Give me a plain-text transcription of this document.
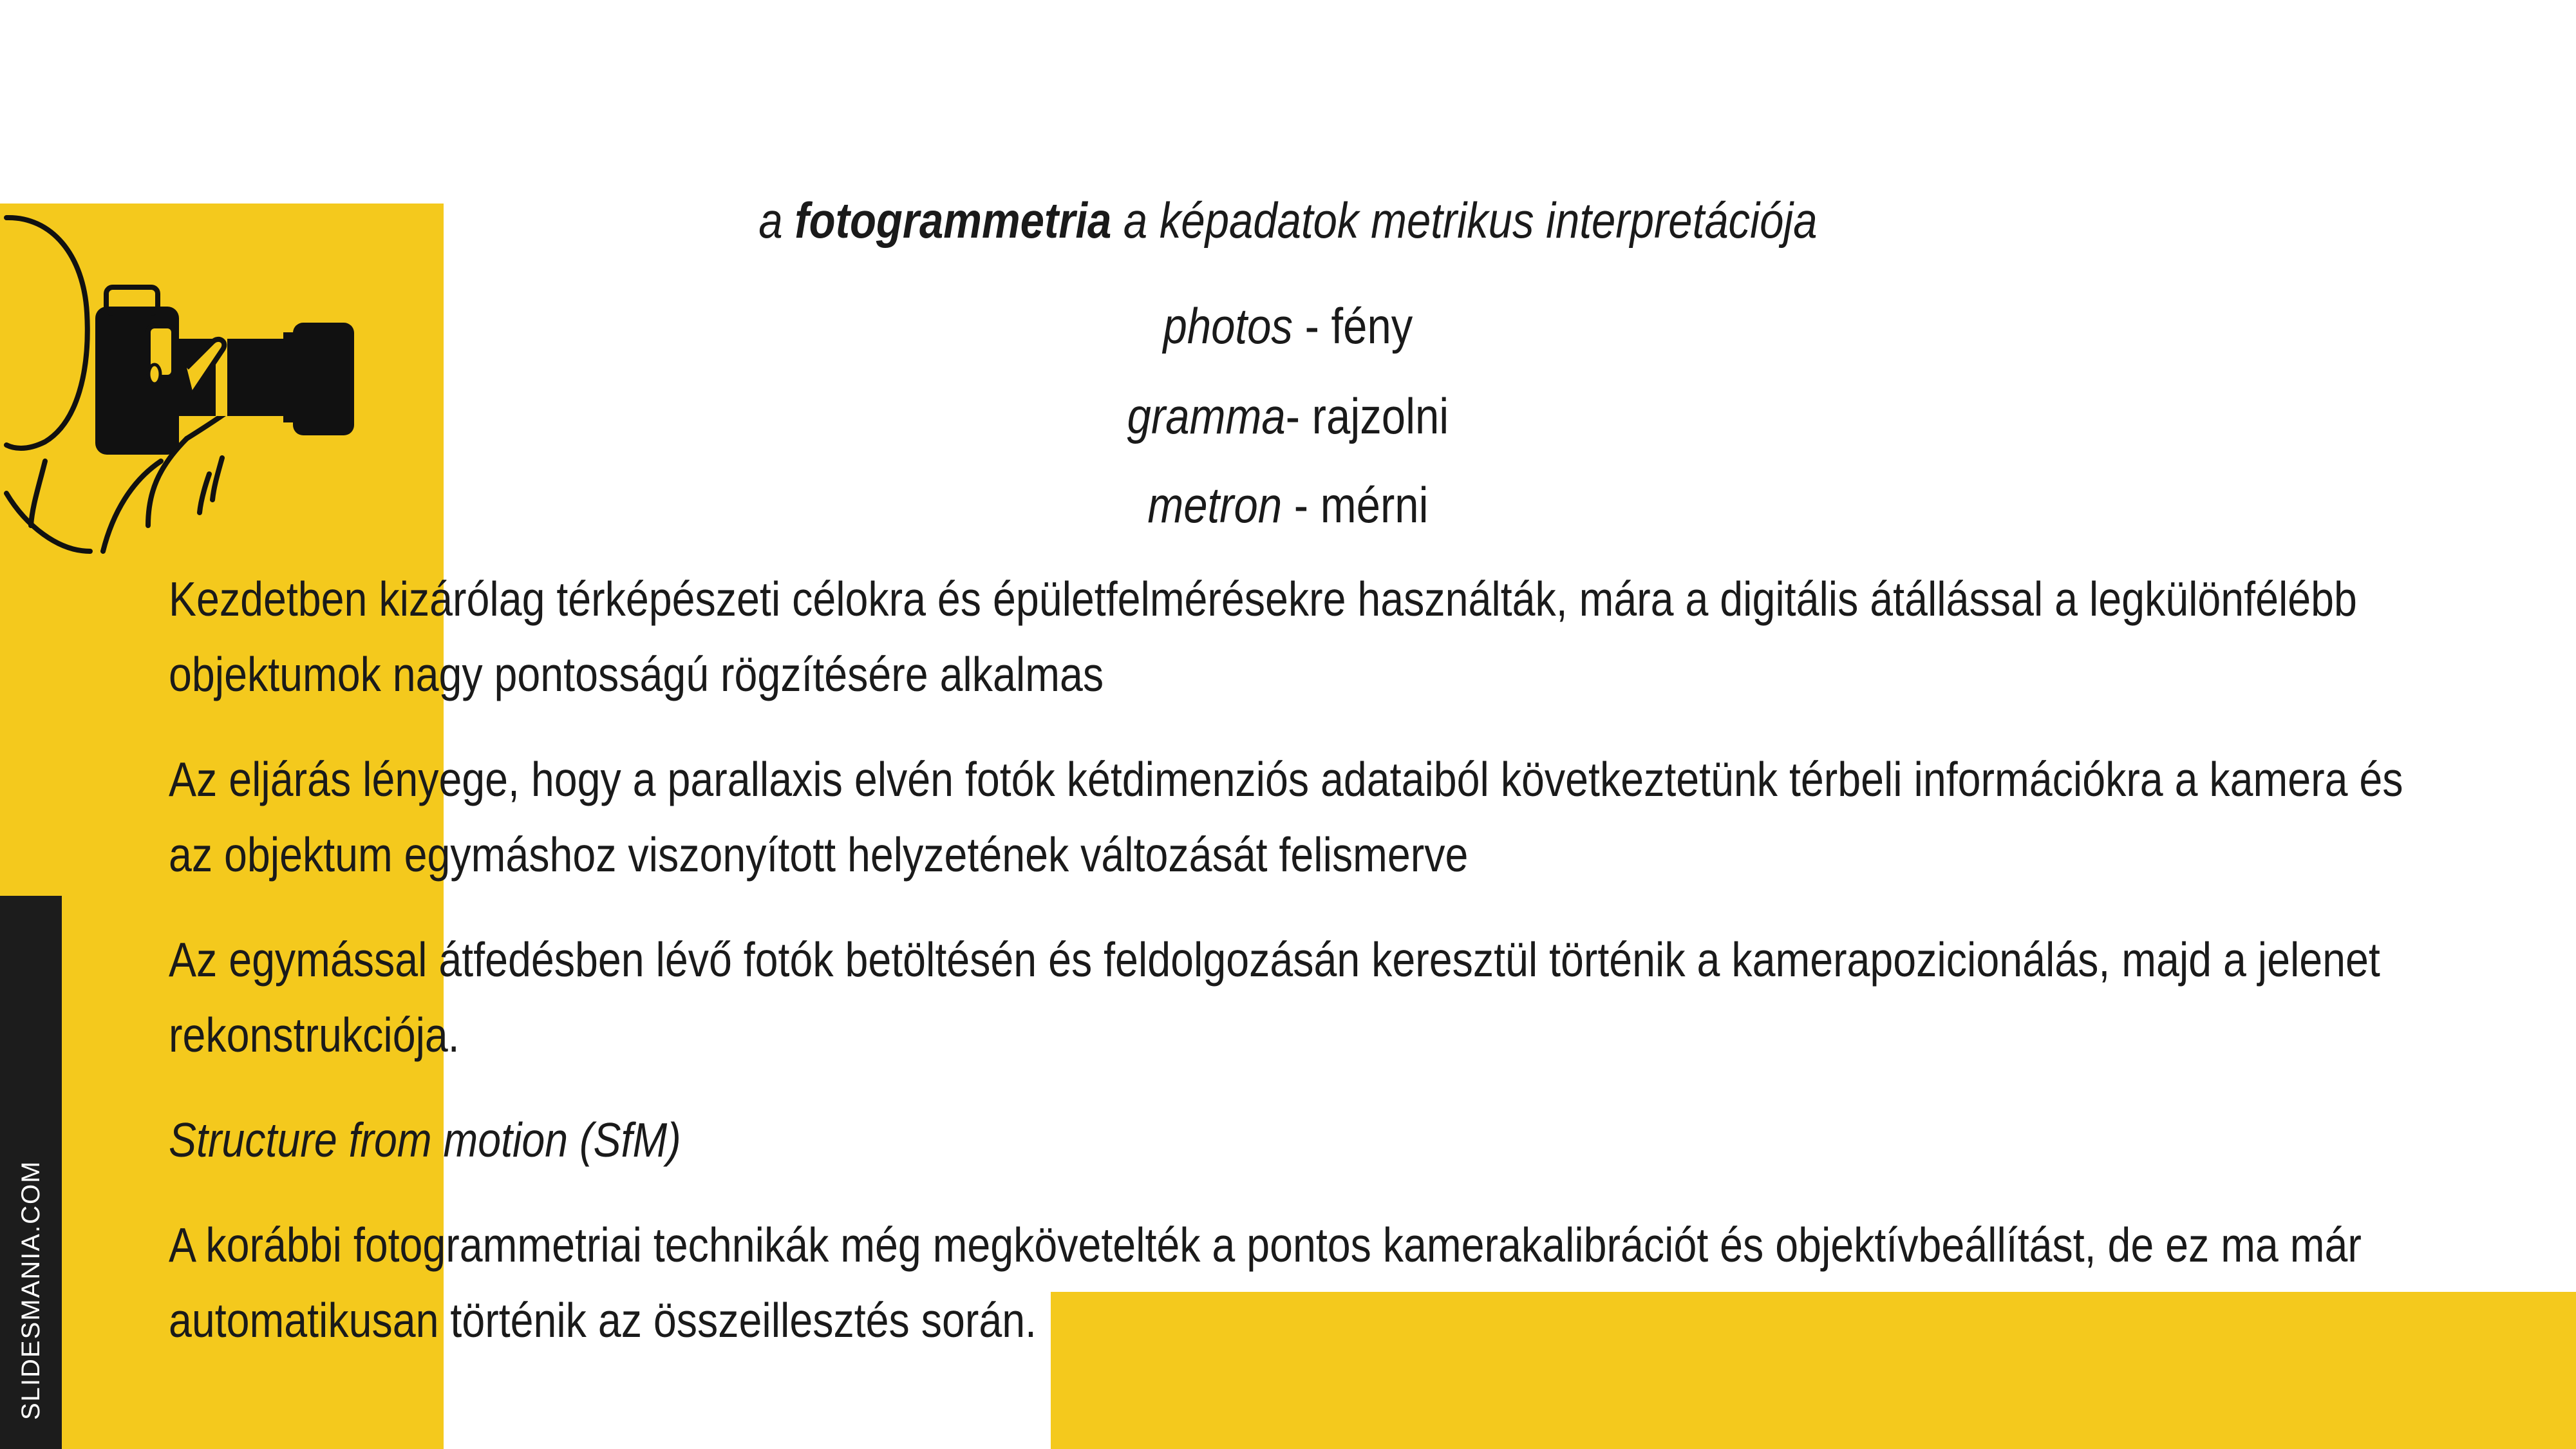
SLIDESMANIA.COM
a fotogrammetria a képadatok metrikus interpretációja
photos - fény
gramma- rajzolni
metron - mérni

Kezdetben kizárólag térképészeti célokra és épületfelmérésekre használták, mára a digitális átállással a legkülönfélébb objektumok nagy pontosságú rögzítésére alkalmas

Az eljárás lényege, hogy a parallaxis elvén fotók kétdimenziós adataiból következtetünk térbeli információkra a kamera és az objektum egymáshoz viszonyított helyzetének változását felismerve

Az egymással átfedésben lévő fotók betöltésén és feldolgozásán keresztül történik a kamerapozicionálás, majd a jelenet rekonstrukciója.

Structure from motion (SfM)

A korábbi fotogrammetriai technikák még megkövetelték a pontos kamerakalibrációt és objektívbeállítást, de ez ma már automatikusan történik az összeillesztés során.
